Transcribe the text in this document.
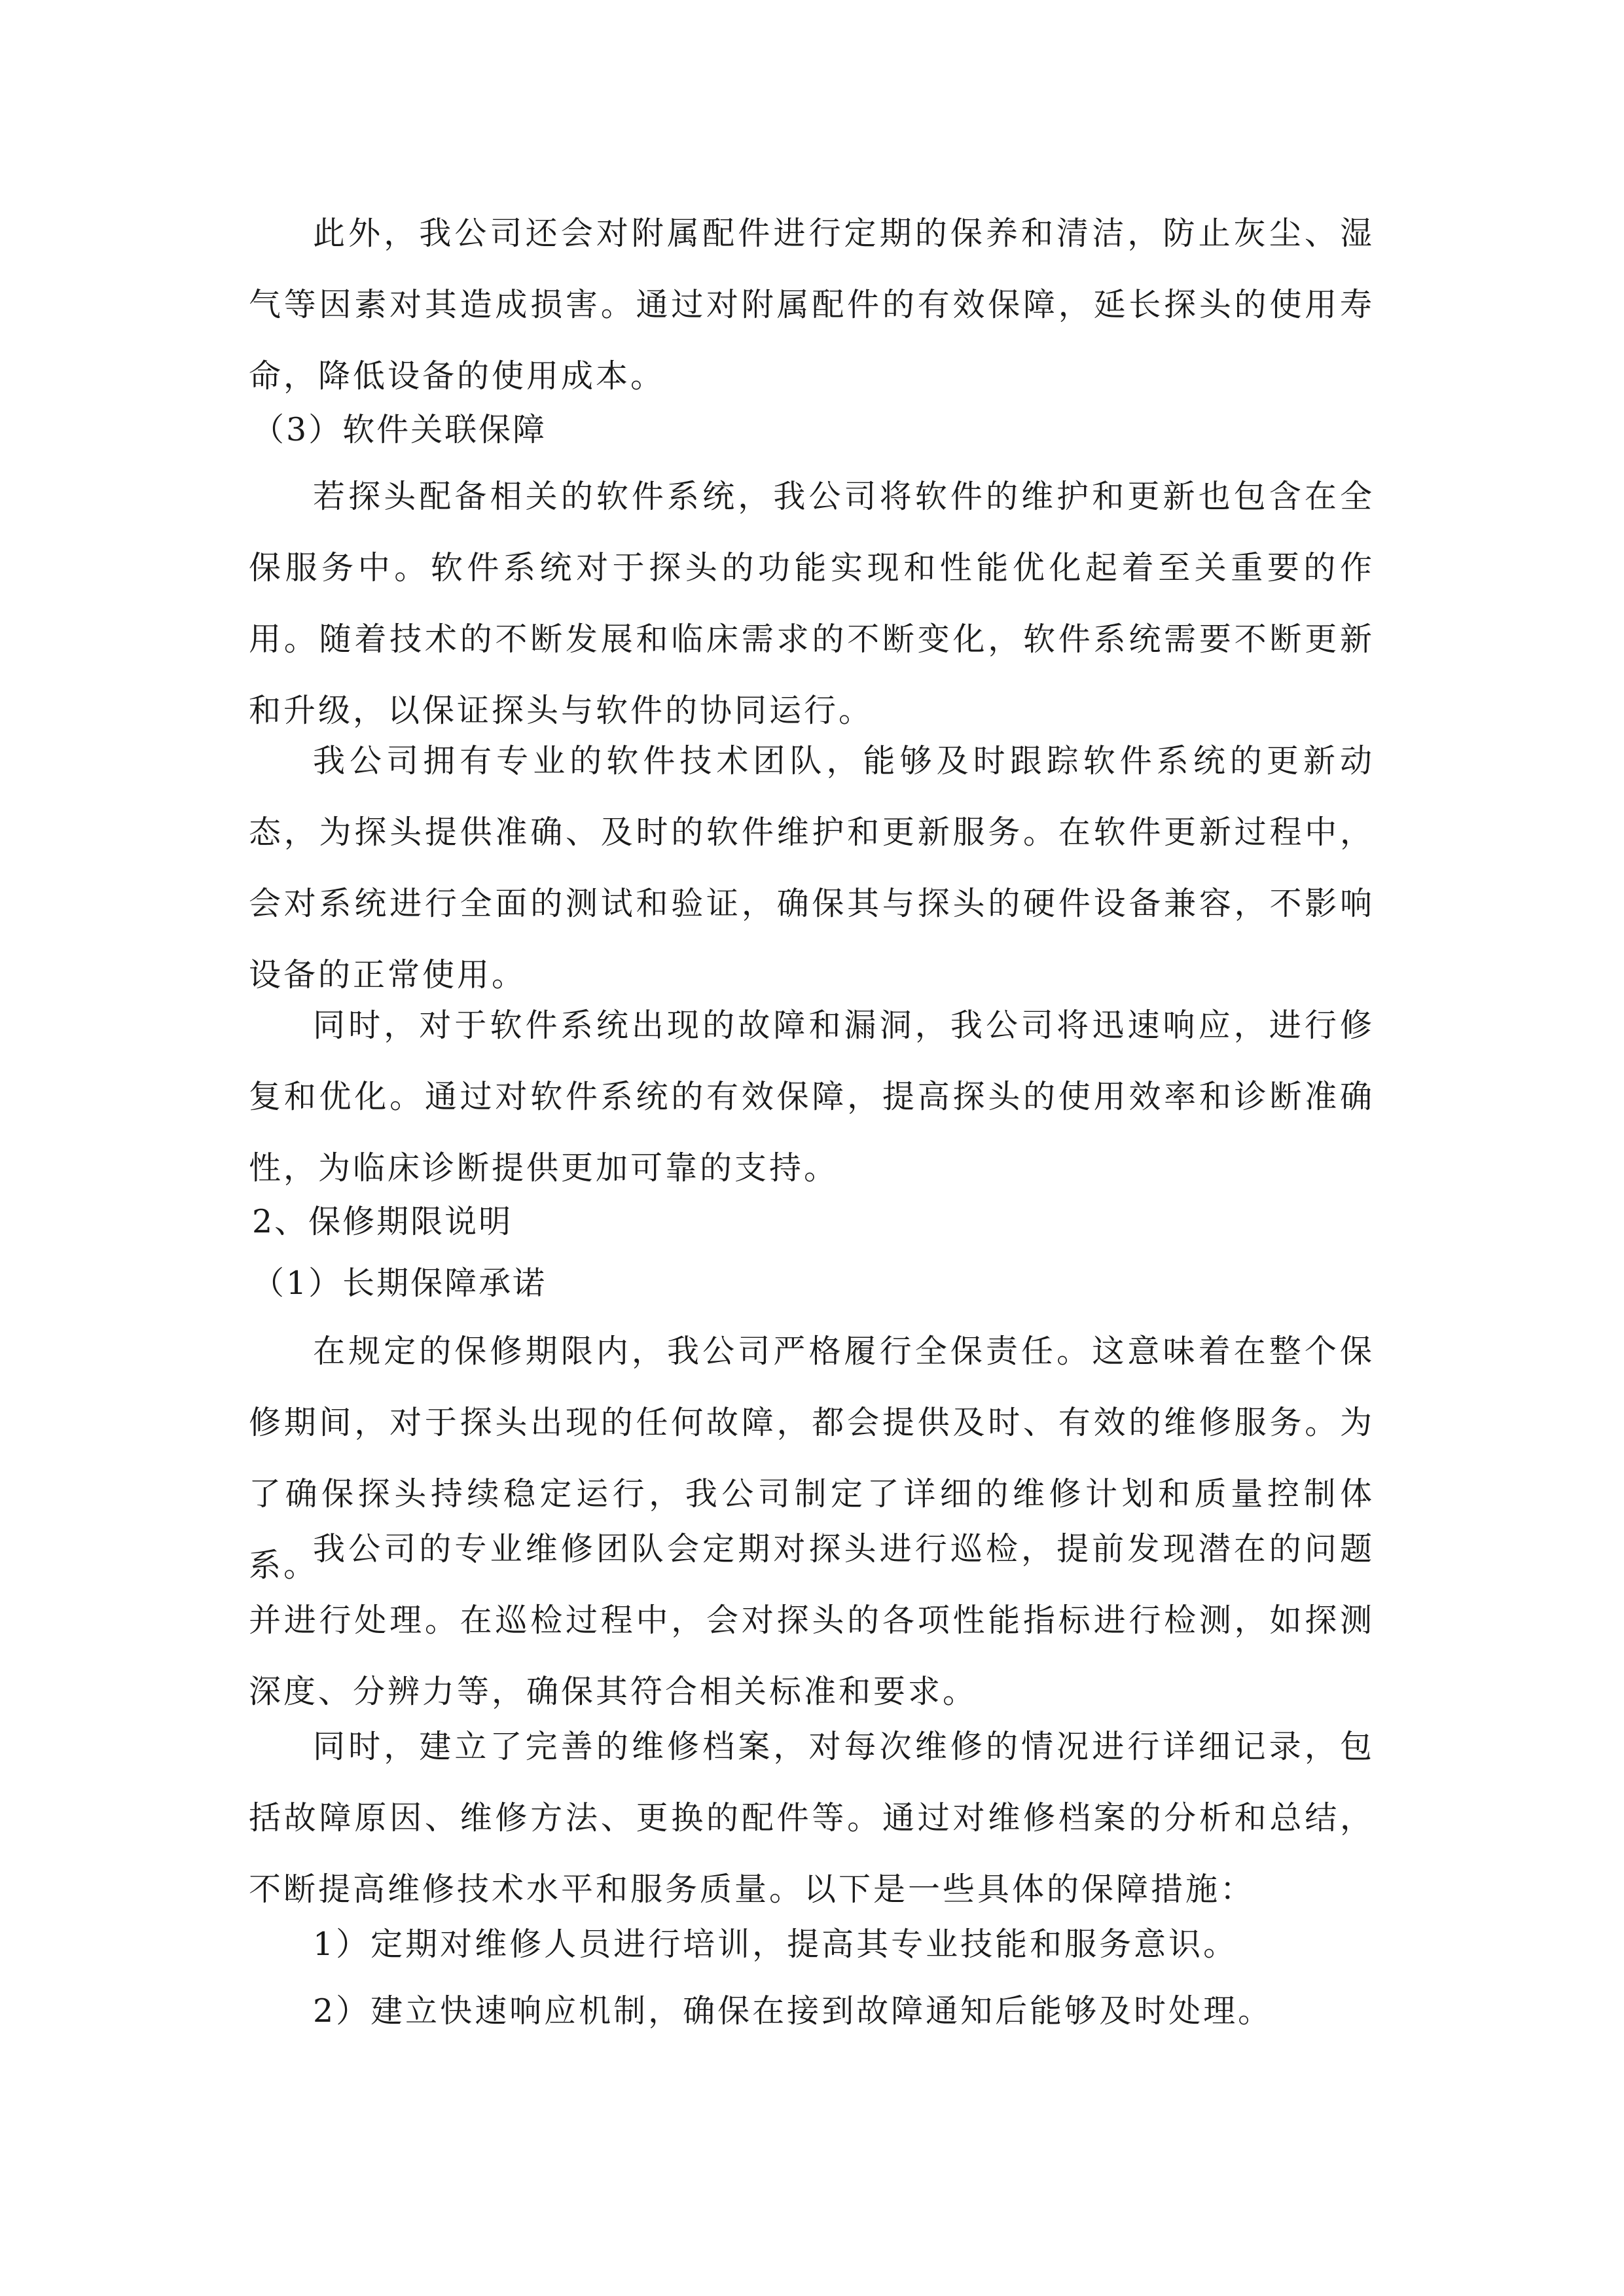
此外，我公司还会对附属配件进行定期的保养和清洁，防止灰尘、湿气等因素对其造成损害。通过对附属配件的有效保障，延长探头的使用寿命，降低设备的使用成本。

（3）软件关联保障

若探头配备相关的软件系统，我公司将软件的维护和更新也包含在全保服务中。软件系统对于探头的功能实现和性能优化起着至关重要的作用。随着技术的不断发展和临床需求的不断变化，软件系统需要不断更新和升级，以保证探头与软件的协同运行。

我公司拥有专业的软件技术团队，能够及时跟踪软件系统的更新动态，为探头提供准确、及时的软件维护和更新服务。在软件更新过程中，会对系统进行全面的测试和验证，确保其与探头的硬件设备兼容，不影响设备的正常使用。

同时，对于软件系统出现的故障和漏洞，我公司将迅速响应，进行修复和优化。通过对软件系统的有效保障，提高探头的使用效率和诊断准确性，为临床诊断提供更加可靠的支持。

2、保修期限说明

（1）长期保障承诺

在规定的保修期限内，我公司严格履行全保责任。这意味着在整个保修期间，对于探头出现的任何故障，都会提供及时、有效的维修服务。为了确保探头持续稳定运行，我公司制定了详细的维修计划和质量控制体系。

我公司的专业维修团队会定期对探头进行巡检，提前发现潜在的问题并进行处理。在巡检过程中，会对探头的各项性能指标进行检测，如探测深度、分辨力等，确保其符合相关标准和要求。

同时，建立了完善的维修档案，对每次维修的情况进行详细记录，包括故障原因、维修方法、更换的配件等。通过对维修档案的分析和总结，不断提高维修技术水平和服务质量。以下是一些具体的保障措施：

1）定期对维修人员进行培训，提高其专业技能和服务意识。

2）建立快速响应机制，确保在接到故障通知后能够及时处理。
